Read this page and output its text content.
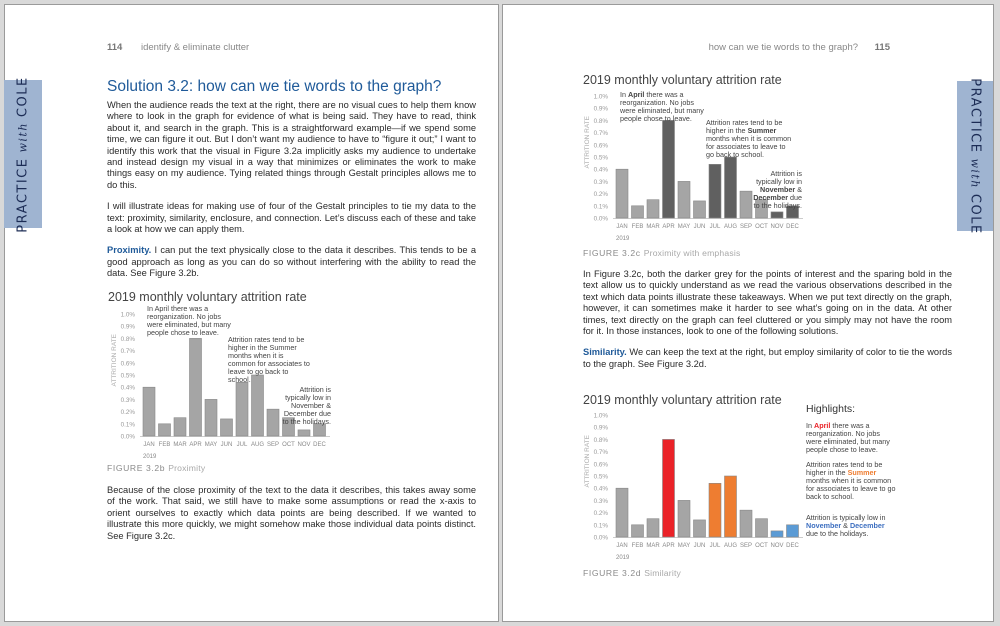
114 identify & eliminate clutter
PRACTICEwithCOLE	Solution 3.2: how can we tie words to the graph?

When the audience reads the text at the right, there are no visual cues to help them know where to look in the graph for evidence of what is being said. They have to read, think about it, and search in the graph. This is a straightforward example—if we spend some time, we can figure it out. But I don’t want my audience to have to “figure it out;” I want to identify this work that the visual in Figure 3.2a implicitly asks my audience to undertake and instead design my visual in a way that minimizes or eliminates the work to make things easy on my audience. Tying related things through Gestalt principles allows me to do this.

I will illustrate ideas for making use of four of the Gestalt principles to tie my data to the text: proximity, similarity, enclosure, and connection. Let’s discuss each of these and take a look at how we can apply them.

Proximity. I can put the text physically close to the data it describes. This tends to be a good approach as long as you can do so without interfering with the ability to read the data. See Figure 3.2b.

2019 monthly voluntary attrition rate
ATTRITION RATE
0.0%
0.1%
0.2%
0.3%
0.4%
0.5%
0.6%
0.7%
0.8%
0.9%
1.0%
JAN FEB MAR APR MAY JUN JUL AUG SEP OCT NOV DEC
2019
In April there was a reorganization. No jobs were eliminated, but many people chose to leave.
Attrition rates tend to be higher in the Summer months when it is common for associates to leave to go back to school.
Attrition is typically low in November & December due to the holidays.
FIGURE 3.2b Proximity

Because of the close proximity of the text to the data it describes, this takes away some of the work. That said, we still have to make some assumptions or read the x-axis to orient ourselves to exactly which data points are being described. If we wanted to illustrate this more quickly, we might somehow make those individual data points distinct. See Figure 3.2c.

how can we tie words to the graph? 115
PRACTICEwithCOLE
2019 monthly voluntary attrition rate
ATTRITION RATE
0.0%
0.1%
0.2%
0.3%
0.4%
0.5%
0.6%
0.7%
0.8%
0.9%
1.0%
JAN FEB MAR APR MAY JUN JUL AUG SEP OCT NOV DEC
2019
In April there was a reorganization. No jobs were eliminated, but many people chose to leave.	Attrition rates tend to be higher in the Summer months when it is common for associates to leave to go back to school.
Attrition is typically low in November & December due to the holidays.
FIGURE 3.2c Proximity with emphasis

In Figure 3.2c, both the darker grey for the points of interest and the sparing bold in the text allow us to quickly understand as we read the various observations described in the text which data points illustrate these takeaways. When we put text directly on the graph, however, it can sometimes make it harder to see what’s going on in the data. At other times, text directly on the graph can feel cluttered or you simply may not have the room for it. In those instances, look to one of the following solutions.

Similarity. We can keep the text at the right, but employ similarity of color to tie the words to the graph. See Figure 3.2d.

2019 monthly voluntary attrition rate
ATTRITION RATE
0.0%
0.1%
0.2%
0.3%
0.4%
0.5%
0.6%
0.7%
0.8%
0.9%
1.0%
JAN FEB MAR APR MAY JUN JUL AUG SEP OCT NOV DEC
2019
Highlights:
In April there was a reorganization. No jobs were eliminated, but many people chose to leave.
Attrition rates tend to be higher in the Summer months when it is common for associates to leave to go back to school.
Attrition is typically low in November & December due to the holidays.
FIGURE 3.2d Similarity
